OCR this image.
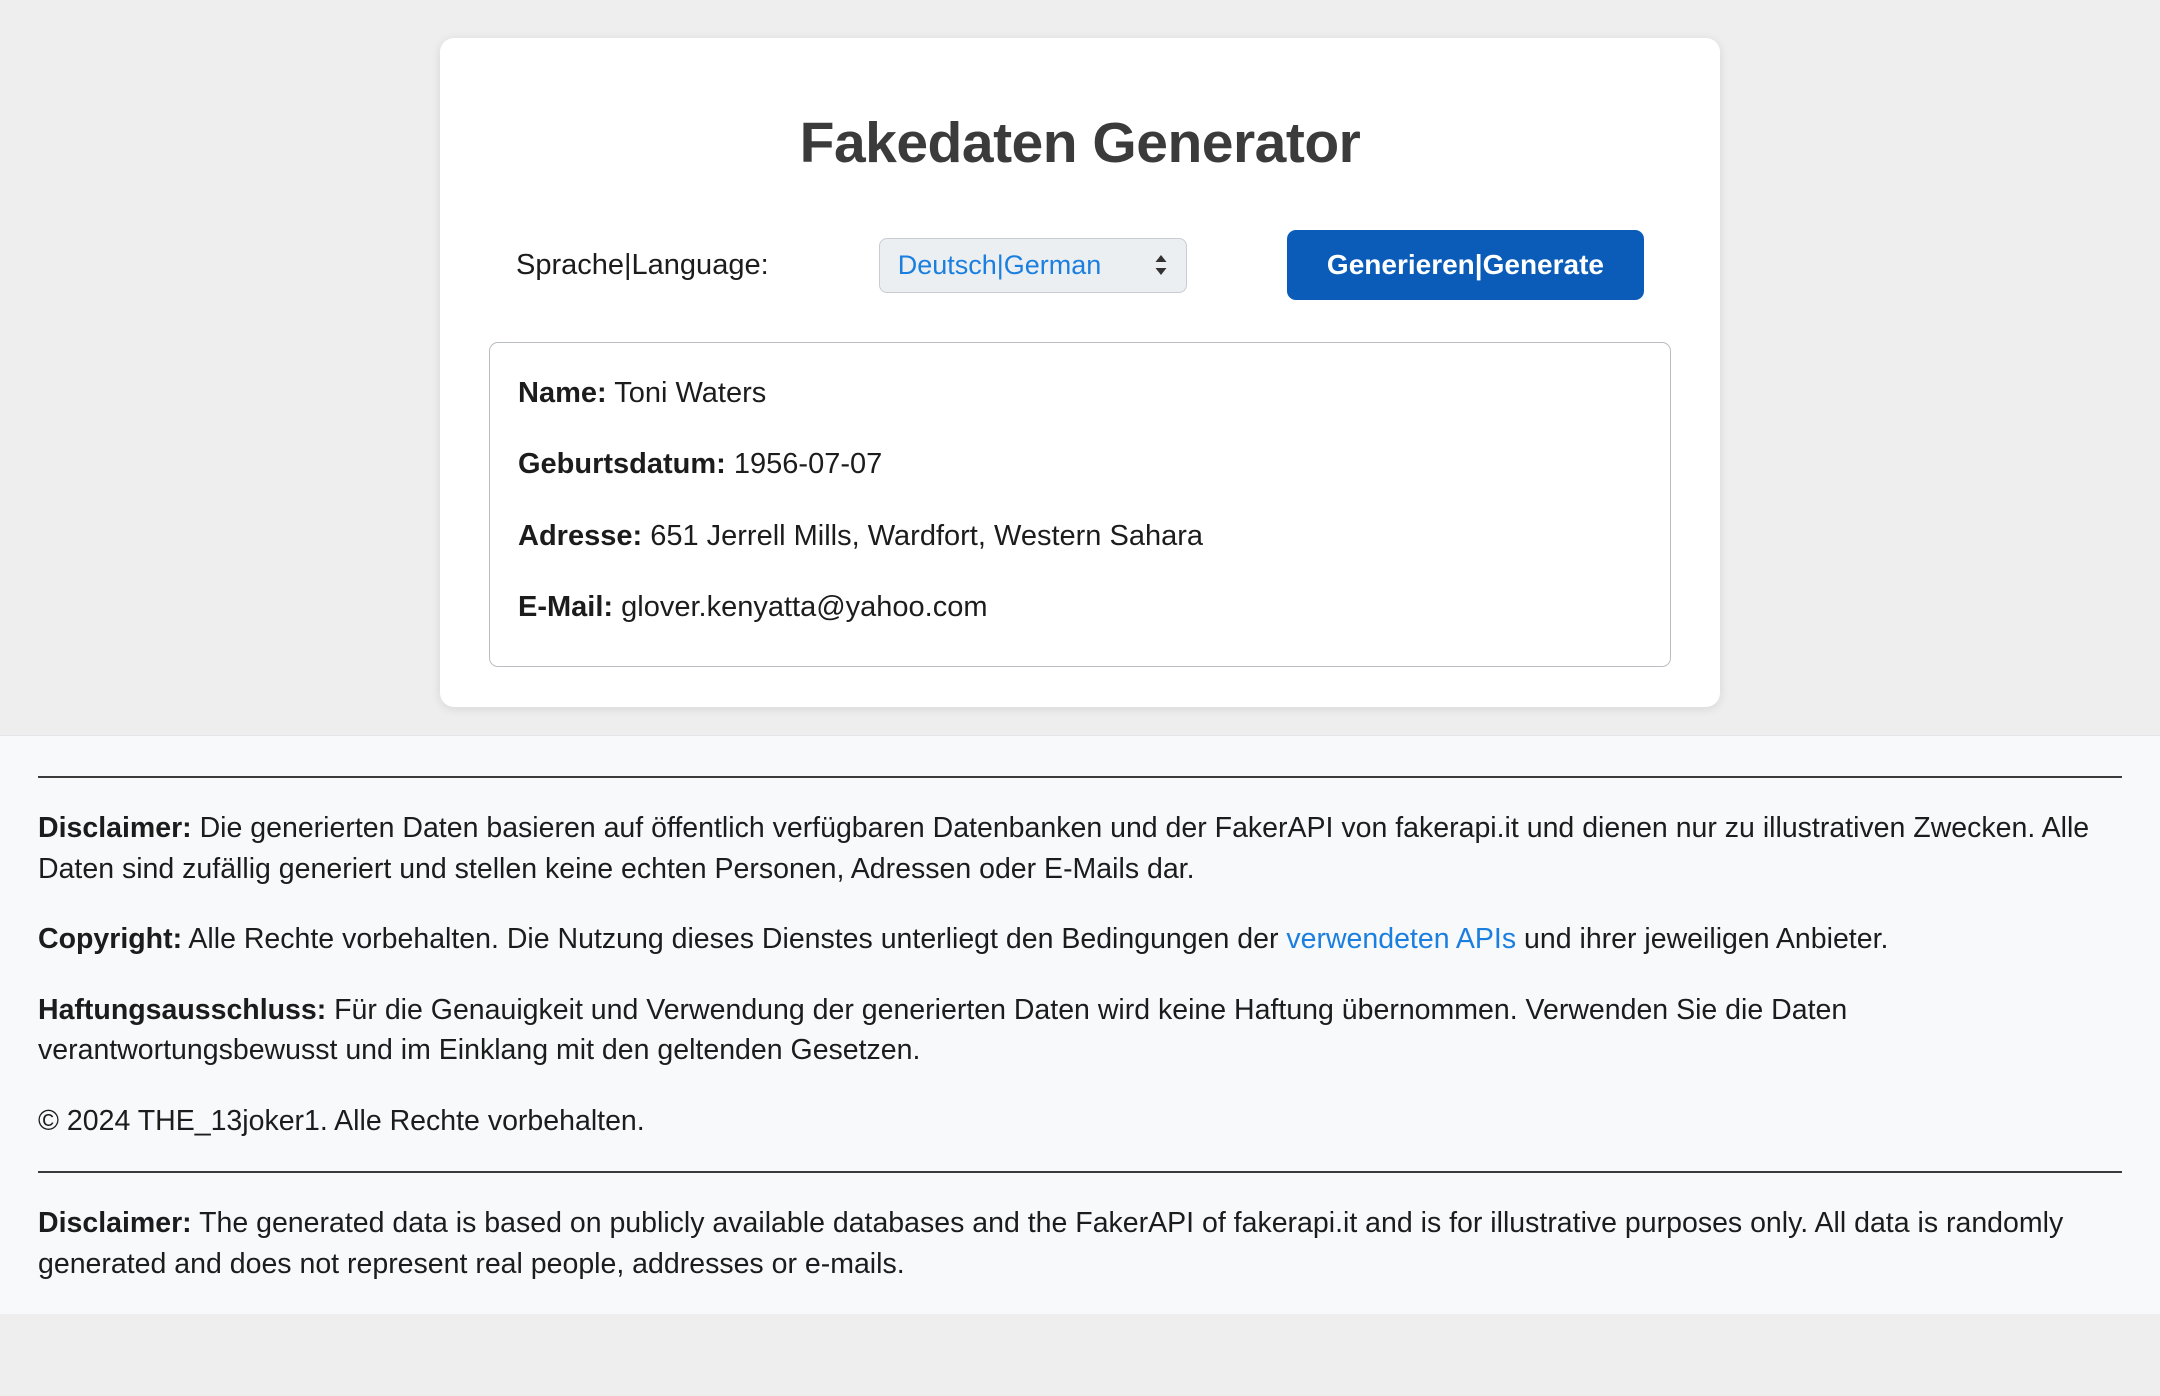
Fakedaten Generator
Sprache|Language:	Deutsch|German	Generieren|Generate

Name: Toni Waters

Geburtsdatum: 1956-07-07

Adresse: 651 Jerrell Mills, Wardfort, Western Sahara

E-Mail: glover.kenyatta@yahoo.com

Disclaimer: Die generierten Daten basieren auf öffentlich verfügbaren Datenbanken und der FakerAPI von fakerapi.it und dienen nur zu illustrativen Zwecken. Alle Daten sind zufällig generiert und stellen keine echten Personen, Adressen oder E-Mails dar.

Copyright: Alle Rechte vorbehalten. Die Nutzung dieses Dienstes unterliegt den Bedingungen der verwendeten APIs und ihrer jeweiligen Anbieter.

Haftungsausschluss: Für die Genauigkeit und Verwendung der generierten Daten wird keine Haftung übernommen. Verwenden Sie die Daten verantwortungsbewusst und im Einklang mit den geltenden Gesetzen.

© 2024 THE_13joker1. Alle Rechte vorbehalten.

Disclaimer: The generated data is based on publicly available databases and the FakerAPI of fakerapi.it and is for illustrative purposes only. All data is randomly generated and does not represent real people, addresses or e-mails.
